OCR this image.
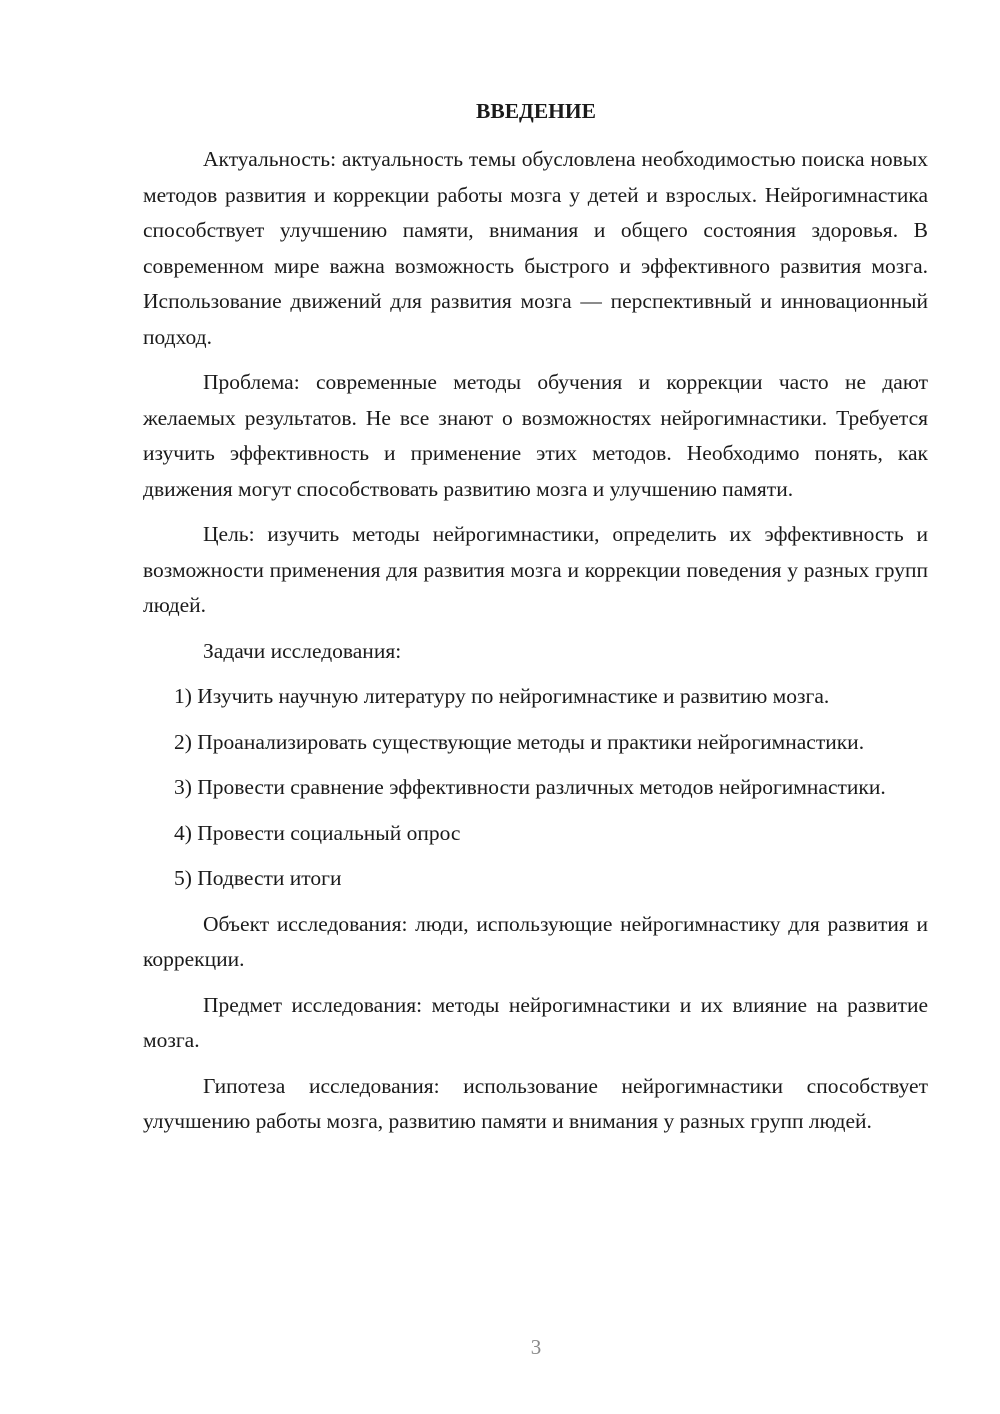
ВВЕДЕНИЕ

Актуальность: актуальность темы обусловлена необходимостью поиска новых методов развития и коррекции работы мозга у детей и взрослых. Нейрогимнастика способствует улучшению памяти, внимания и общего состояния здоровья. В современном мире важна возможность быстрого и эффективного развития мозга. Использование движений для развития мозга — перспективный и инновационный подход.

Проблема: современные методы обучения и коррекции часто не дают желаемых результатов. Не все знают о возможностях нейрогимнастики. Требуется изучить эффективность и применение этих методов. Необходимо понять, как движения могут способствовать развитию мозга и улучшению памяти.

Цель: изучить методы нейрогимнастики, определить их эффективность и возможности применения для развития мозга и коррекции поведения у разных групп людей.

Задачи исследования:

1) Изучить научную литературу по нейрогимнастике и развитию мозга.

2) Проанализировать существующие методы и практики нейрогимнастики.

3) Провести сравнение эффективности различных методов нейрогимнастики.

4) Провести социальный опрос

5) Подвести итоги

Объект исследования: люди, использующие нейрогимнастику для развития и коррекции.

Предмет исследования: методы нейрогимнастики и их влияние на развитие мозга.

Гипотеза исследования: использование нейрогимнастики способствует улучшению работы мозга, развитию памяти и внимания у разных групп людей.

3
